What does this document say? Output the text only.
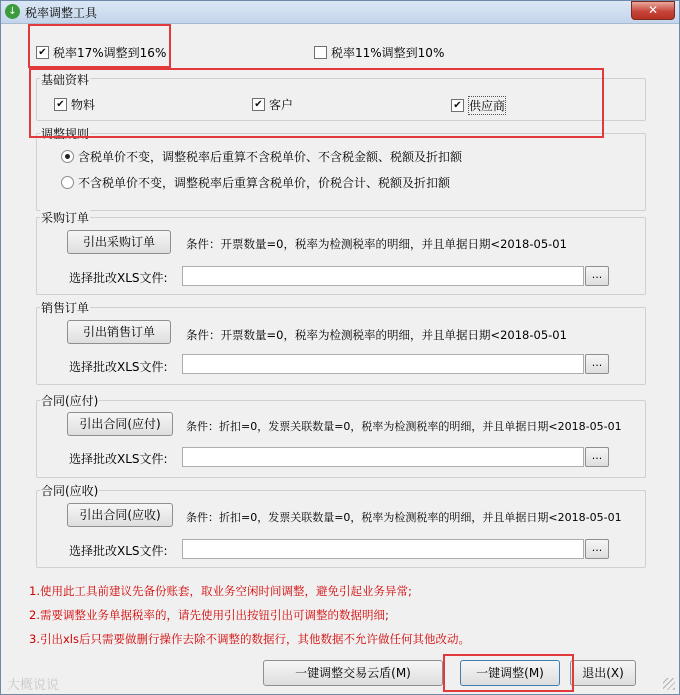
↓ 税率调整工具	✕
✔ 税率17%调整到16%	税率11%调整到10%
基础资料
✔ 物料	✔ 客户	✔ 供应商
调整规则
含税单价不变，调整税率后重算不含税单价、不含税金额、税额及折扣额
不含税单价不变，调整税率后重算含税单价，价税合计、税额及折扣额
采购订单
引出采购订单	条件：开票数量=0，税率为检测税率的明细，并且单据日期<2018-05-01
选择批改XLS文件:	...
销售订单
引出销售订单	条件：开票数量=0，税率为检测税率的明细，并且单据日期<2018-05-01
选择批改XLS文件:	...
合同(应付)
引出合同(应付)	条件：折扣=0，发票关联数量=0，税率为检测税率的明细，并且单据日期<2018-05-01
选择批改XLS文件:	...
合同(应收)
引出合同(应收)	条件：折扣=0，发票关联数量=0，税率为检测税率的明细，并且单据日期<2018-05-01
选择批改XLS文件:	...
1.使用此工具前建议先备份账套，取业务空闲时间调整，避免引起业务异常;
2.需要调整业务单据税率的，请先使用引出按钮引出可调整的数据明细;
3.引出xls后只需要做删行操作去除不调整的数据行，其他数据不允许做任何其他改动。
一键调整交易云盾(M)	一键调整(M)	退出(X)
大概说说
